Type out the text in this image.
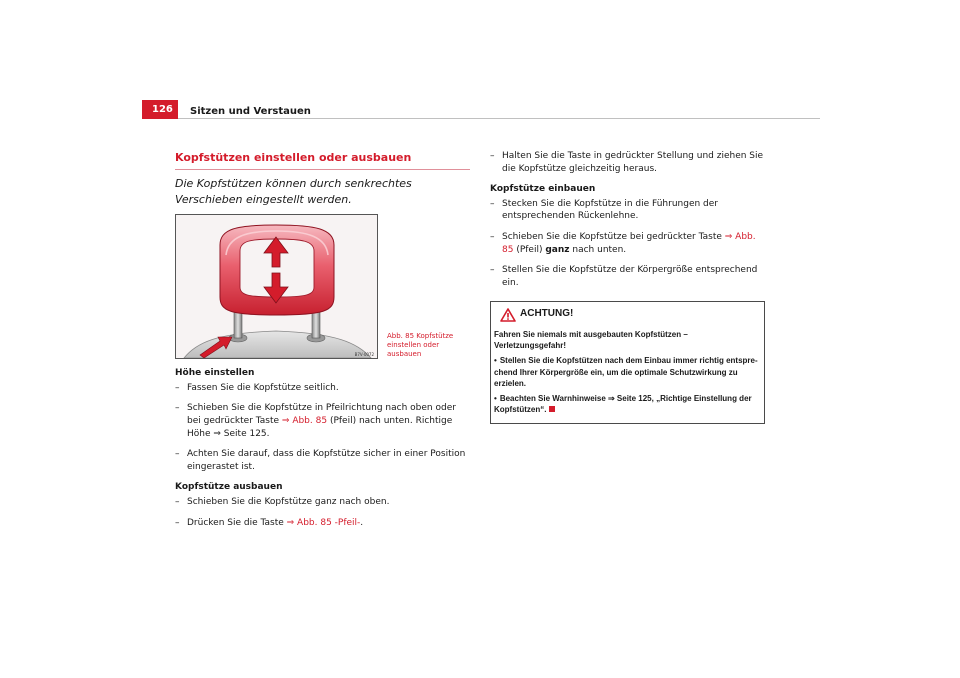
126	Sitzen und Verstauen
Kopfstützen einstellen oder ausbauen

Die Kopfstützen können durch senkrechtes Verschieben eingestellt werden.

B7V-0072
Abb. 85 Kopfstütze
einstellen oder ausbauen
Höhe einstellen

– Fassen Sie die Kopfstütze seitlich.

– Schieben Sie die Kopfstütze in Pfeilrichtung nach oben oder bei gedrückter Taste ⇒ Abb. 85 (Pfeil) nach unten. Richtige Höhe ⇒ Seite 125.

– Achten Sie darauf, dass die Kopfstütze sicher in einer Position eingerastet ist.

Kopfstütze ausbauen

– Schieben Sie die Kopfstütze ganz nach oben.

– Drücken Sie die Taste ⇒ Abb. 85 -Pfeil-.

– Halten Sie die Taste in gedrückter Stellung und ziehen Sie die Kopfstütze gleichzeitig heraus.

Kopfstütze einbauen

– Stecken Sie die Kopfstütze in die Führungen der entsprechenden Rückenlehne.

– Schieben Sie die Kopfstütze bei gedrückter Taste ⇒ Abb. 85 (Pfeil) ganz nach unten.

– Stellen Sie die Kopfstütze der Körpergröße entsprechend ein.

ACHTUNG!

Fahren Sie niemals mit ausgebauten Kopfstützen – Verletzungsgefahr!

• Stellen Sie die Kopfstützen nach dem Einbau immer richtig entspre-chend Ihrer Körpergröße ein, um die optimale Schutzwirkung zu erzielen.

• Beachten Sie Warnhinweise ⇒ Seite 125, „Richtige Einstellung der Kopfstützen“.
